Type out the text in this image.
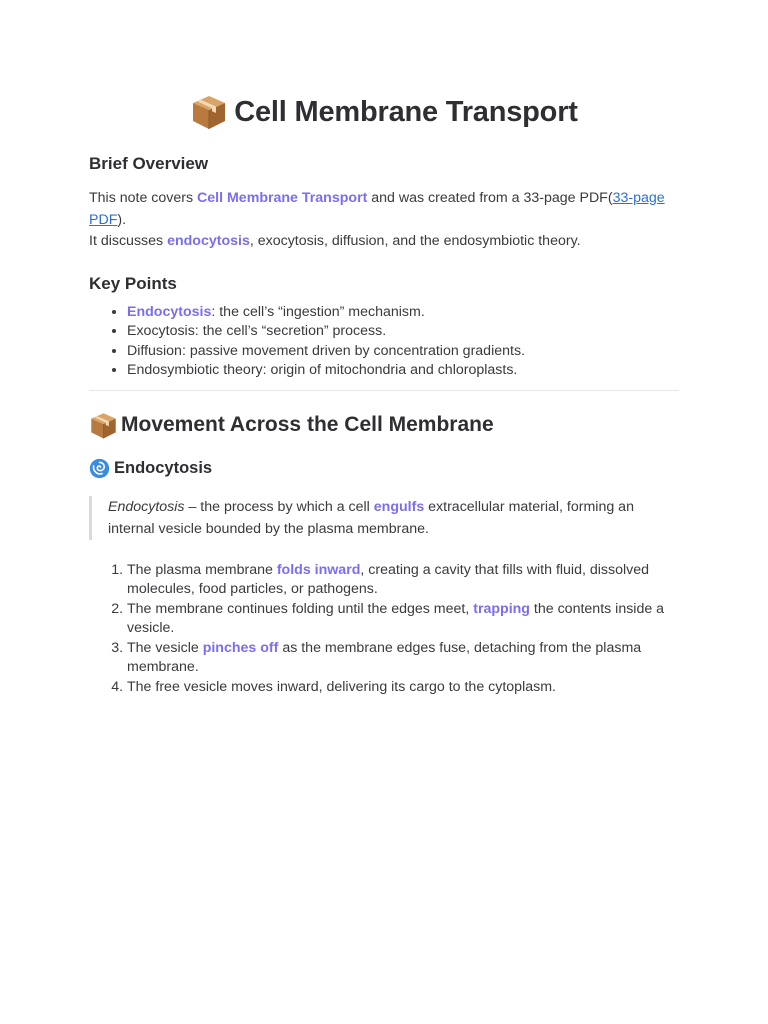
Cell Membrane Transport
Brief Overview

This note covers Cell Membrane Transport and was created from a 33-page PDF(33-page PDF).

It discusses endocytosis, exocytosis, diffusion, and the endosymbiotic theory.

Key Points
• Endocytosis: the cell’s “ingestion” mechanism.
• Exocytosis: the cell’s “secretion” process.
• Diffusion: passive movement driven by concentration gradients.
• Endosymbiotic theory: origin of mitochondria and chloroplasts.
Movement Across the Cell Membrane
Endocytosis
Endocytosis – the process by which a cell engulfs extracellular material, forming an internal vesicle bounded by the plasma membrane.
1. The plasma membrane folds inward, creating a cavity that fills with fluid, dissolved molecules, food particles, or pathogens.
2. The membrane continues folding until the edges meet, trapping the contents inside a vesicle.
3. The vesicle pinches off as the membrane edges fuse, detaching from the plasma membrane.
4. The free vesicle moves inward, delivering its cargo to the cytoplasm.
